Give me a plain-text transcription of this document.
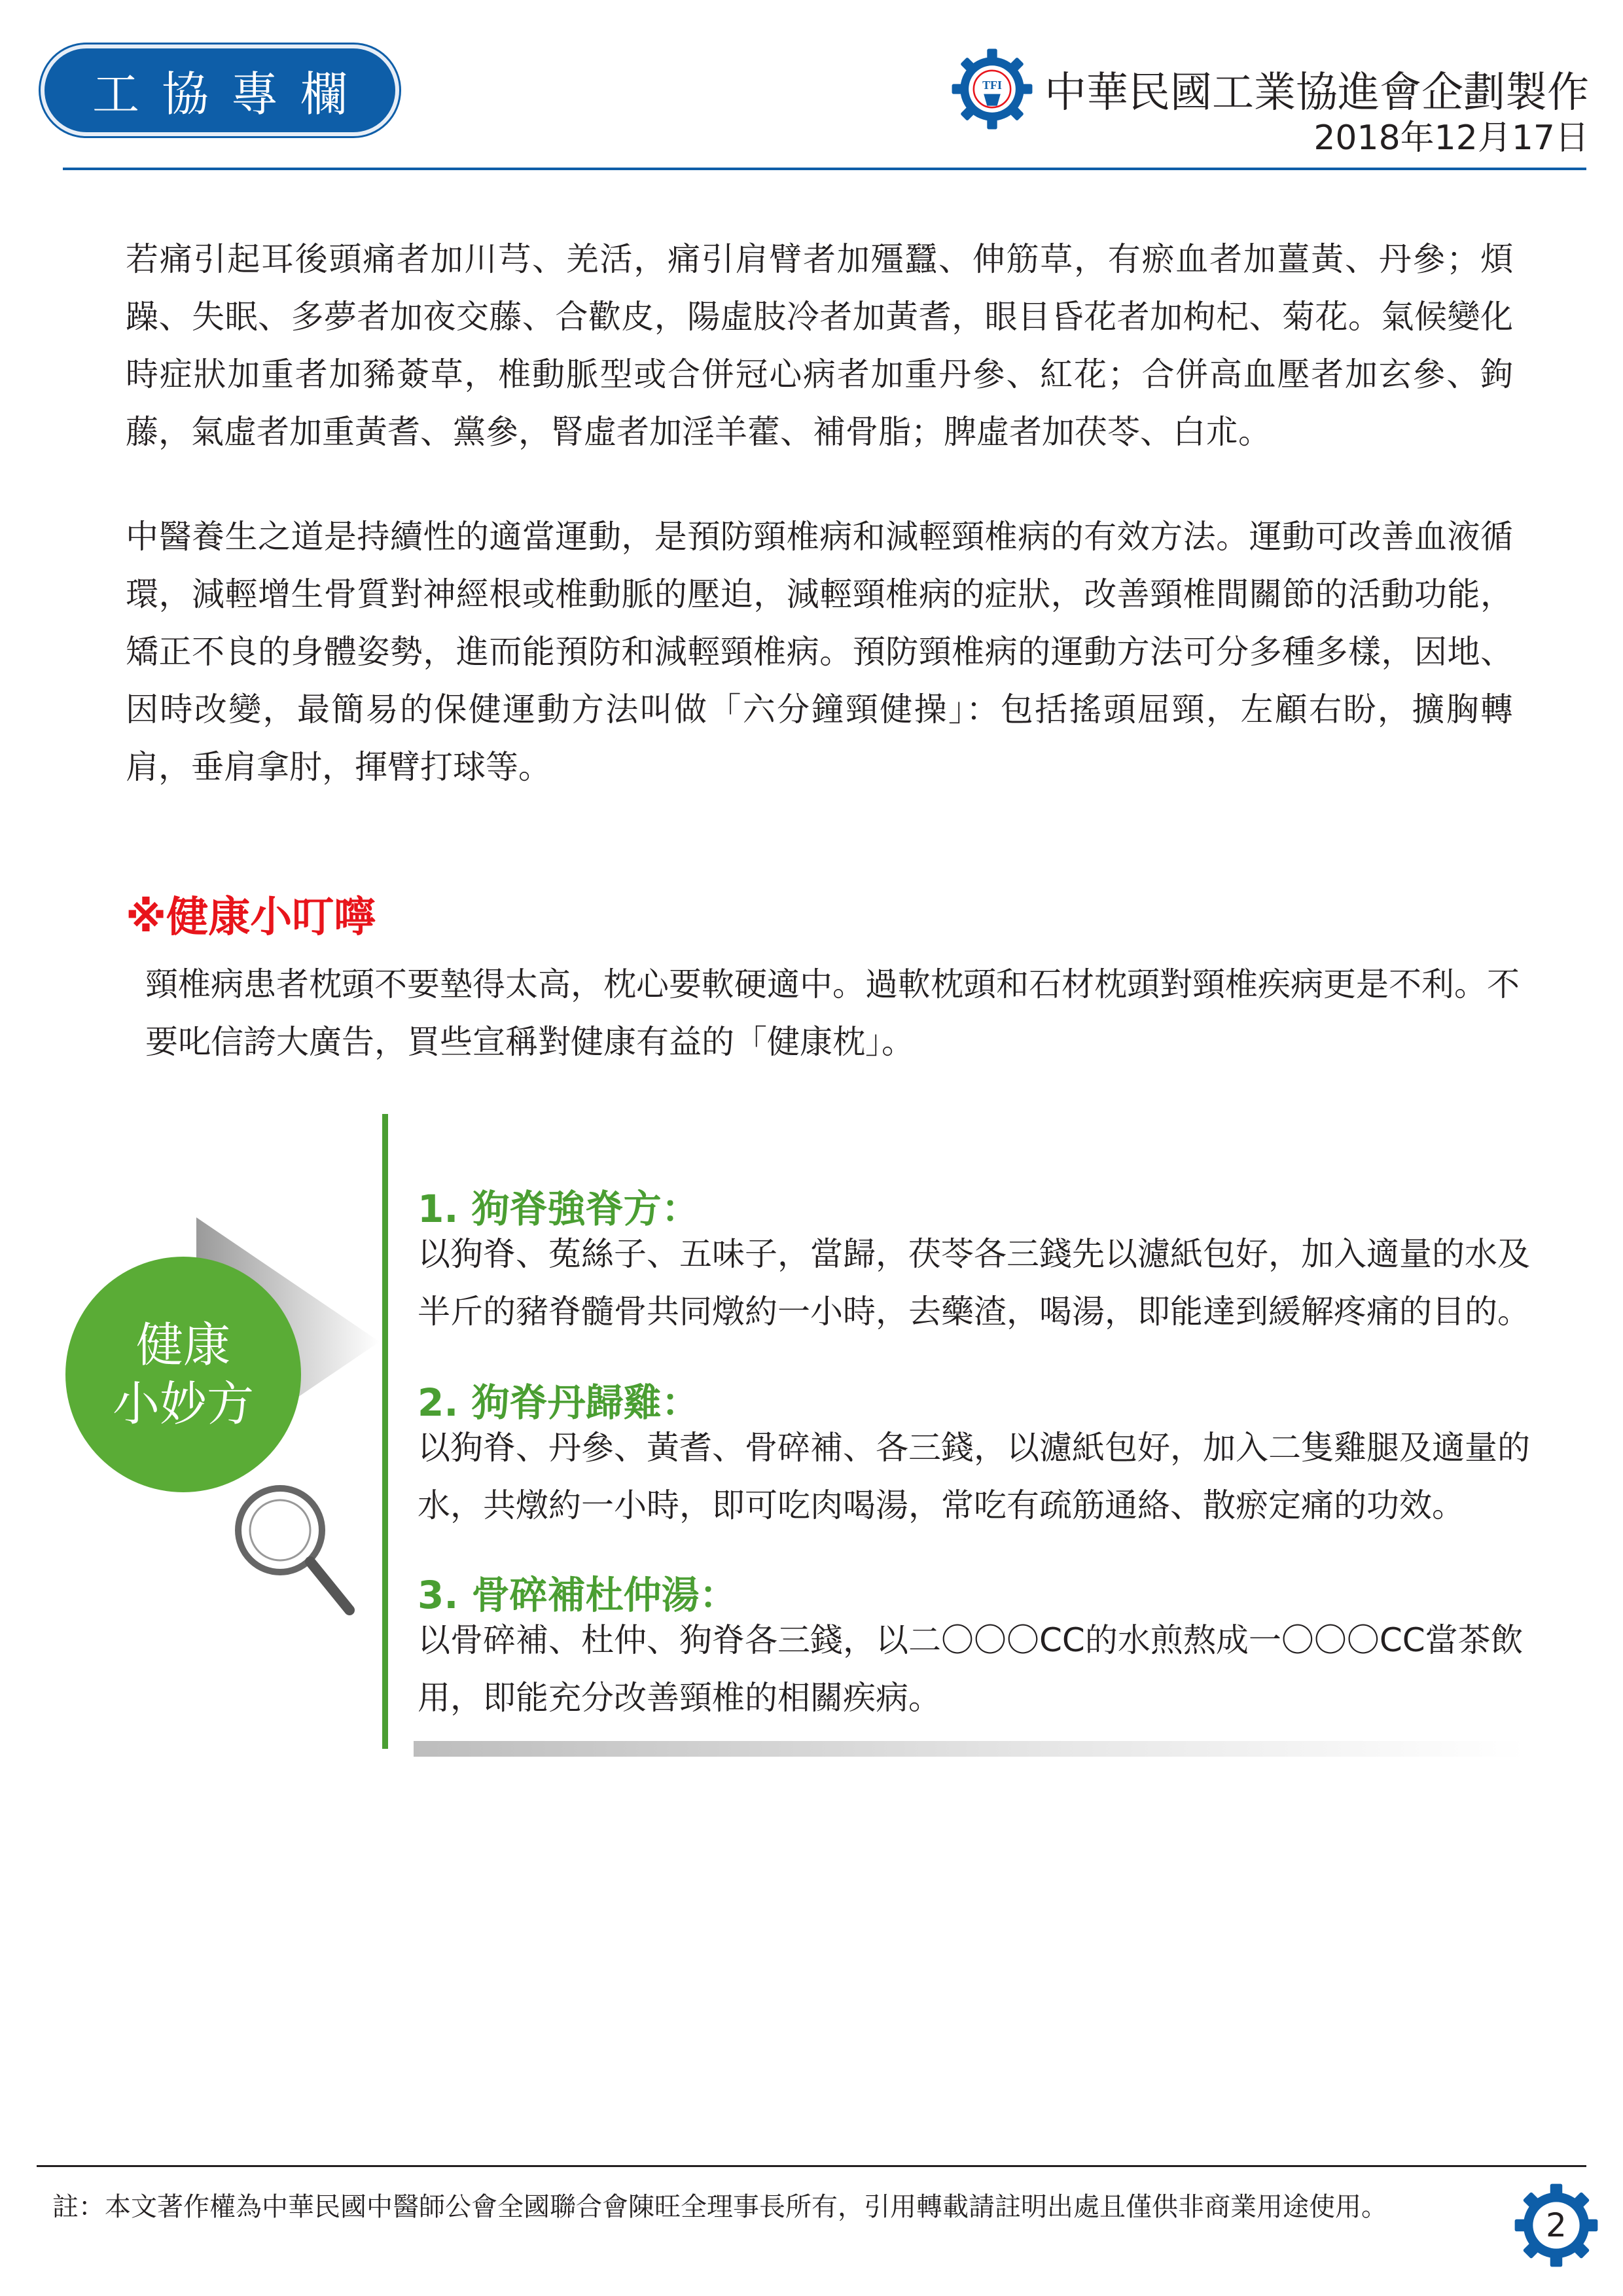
工協專欄	TFI 中華民國工業協進會企劃製作
2018年12月17日

若痛引起耳後頭痛者加川芎、羌活，痛引肩臂者加殭蠶、伸筋草，有瘀血者加薑黃、丹參；煩躁、失眠、多夢者加夜交藤、合歡皮，陽虛肢冷者加黃耆，眼目昏花者加枸杞、菊花。氣候變化時症狀加重者加豨薟草，椎動脈型或合併冠心病者加重丹參、紅花；合併高血壓者加玄參、鉤藤，氣虛者加重黃耆、黨參，腎虛者加淫羊藿、補骨脂；脾虛者加茯苓、白朮。

中醫養生之道是持續性的適當運動，是預防頸椎病和減輕頸椎病的有效方法。運動可改善血液循環，減輕增生骨質對神經根或椎動脈的壓迫，減輕頸椎病的症狀，改善頸椎間關節的活動功能，矯正不良的身體姿勢，進而能預防和減輕頸椎病。預防頸椎病的運動方法可分多種多樣，因地、因時改變，最簡易的保健運動方法叫做「六分鐘頸健操」：包括搖頭屈頸，左顧右盼，擴胸轉肩，垂肩拿肘，揮臂打球等。

※健康小叮嚀

頸椎病患者枕頭不要墊得太高，枕心要軟硬適中。過軟枕頭和石材枕頭對頸椎疾病更是不利。不要叱信誇大廣告，買些宣稱對健康有益的「健康枕」。

健康
小妙方
1. 狗脊強脊方：

以狗脊、菟絲子、五味子，當歸，茯苓各三錢先以濾紙包好，加入適量的水及半斤的豬脊髓骨共同燉約一小時，去藥渣，喝湯，即能達到緩解疼痛的目的。

2. 狗脊丹歸雞：

以狗脊、丹參、黃耆、骨碎補、各三錢，以濾紙包好，加入二隻雞腿及適量的水，共燉約一小時，即可吃肉喝湯，常吃有疏筋通絡、散瘀定痛的功效。

3. 骨碎補杜仲湯：

以骨碎補、杜仲、狗脊各三錢，以二〇〇〇CC的水煎熬成一〇〇〇CC當茶飲用，即能充分改善頸椎的相關疾病。

註：本文著作權為中華民國中醫師公會全國聯合會陳旺全理事長所有，引用轉載請註明出處且僅供非商業用途使用。	2
